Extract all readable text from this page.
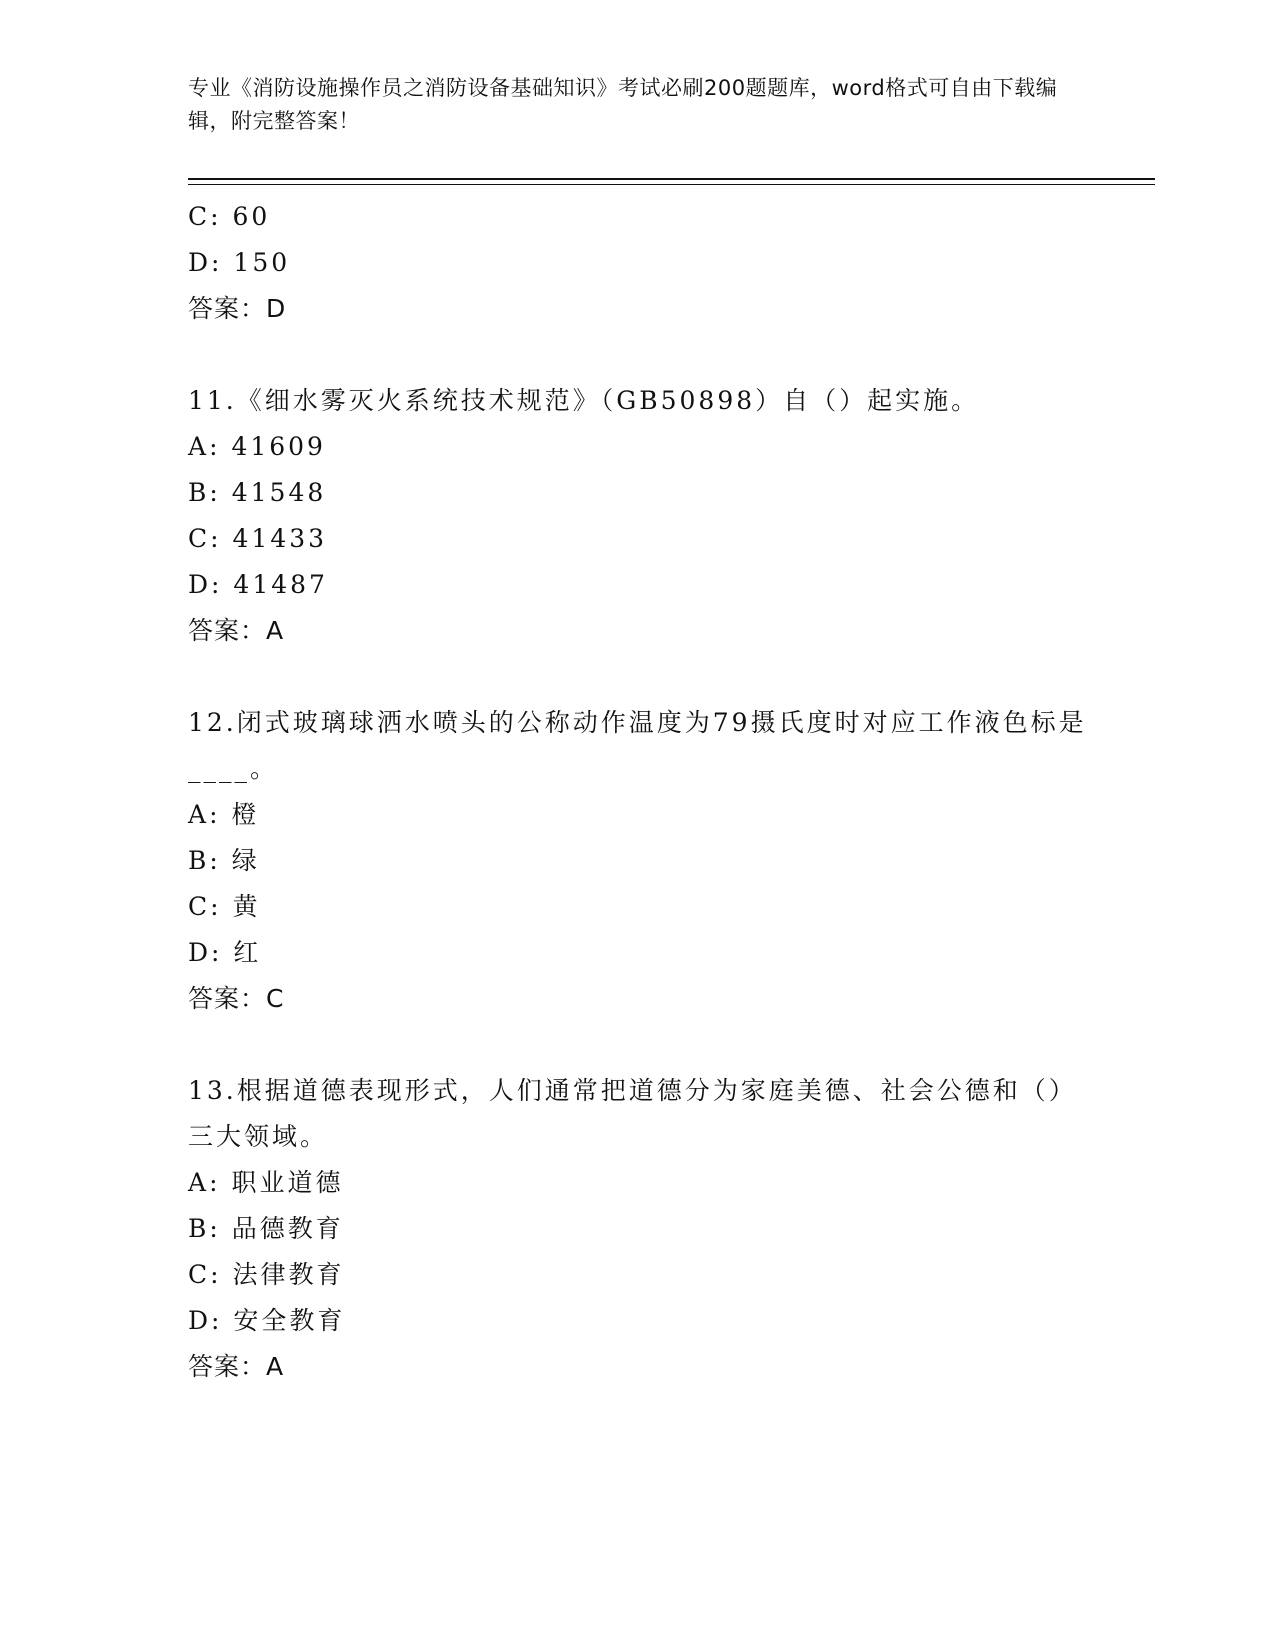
专业《消防设施操作员之消防设备基础知识》考试必刷200题题库，word格式可自由下载编辑，附完整答案！
C: 60
D: 150
答案：D
11.《细水雾灭火系统技术规范》（GB50898）自（）起实施。
A: 41609
B: 41548
C: 41433
D: 41487
答案：A
12.闭式玻璃球洒水喷头的公称动作温度为79摄氏度时对应工作液色标是____。
A: 橙
B: 绿
C: 黄
D: 红
答案：C
13.根据道德表现形式，人们通常把道德分为家庭美德、社会公德和（）三大领域。
A: 职业道德
B: 品德教育
C: 法律教育
D: 安全教育
答案：A
